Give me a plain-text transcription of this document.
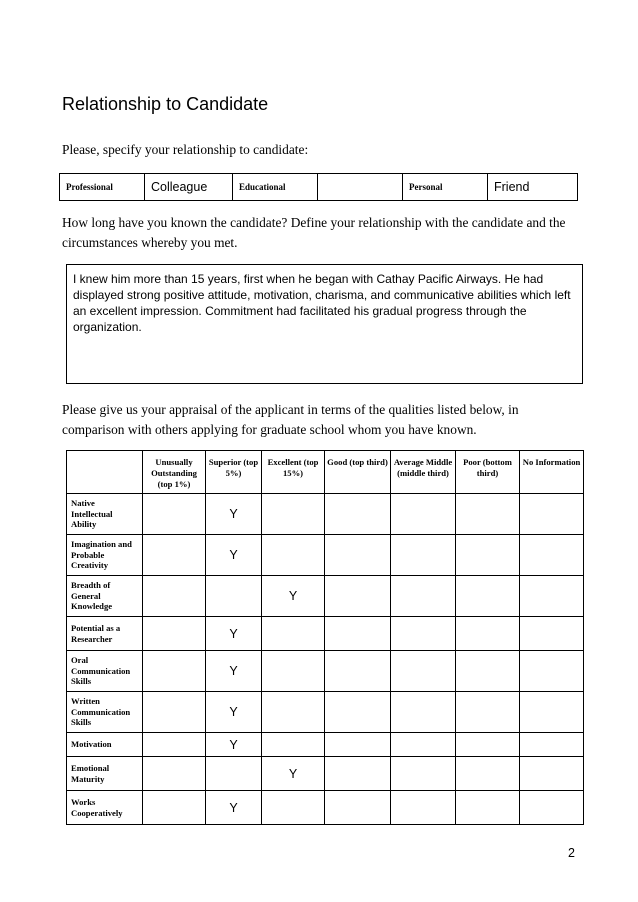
Relationship to Candidate

Please, specify your relationship to candidate:

Professional	Colleague	Educational		Personal	Friend

How long have you known the candidate? Define your relationship with the candidate and the circumstances whereby you met.

I knew him more than 15 years, first when he began with Cathay Pacific Airways. He had displayed strong positive attitude, motivation, charisma, and communicative abilities which left an excellent impression. Commitment had facilitated his gradual progress through the organization.

Please give us your appraisal of the applicant in terms of the qualities listed below, in comparison with others applying for graduate school whom you have known.

	Unusually Outstanding (top 1%)	Superior (top 5%)	Excellent (top 15%)	Good (top third)	Average Middle (middle third)	Poor (bottom third)	No Information
Native Intellectual Ability		Y					
Imagination and Probable Creativity		Y					
Breadth of General Knowledge			Y				
Potential as a Researcher		Y					
Oral Communication Skills		Y					
Written Communication Skills		Y					
Motivation		Y					
Emotional Maturity			Y				
Works Cooperatively		Y					
2
